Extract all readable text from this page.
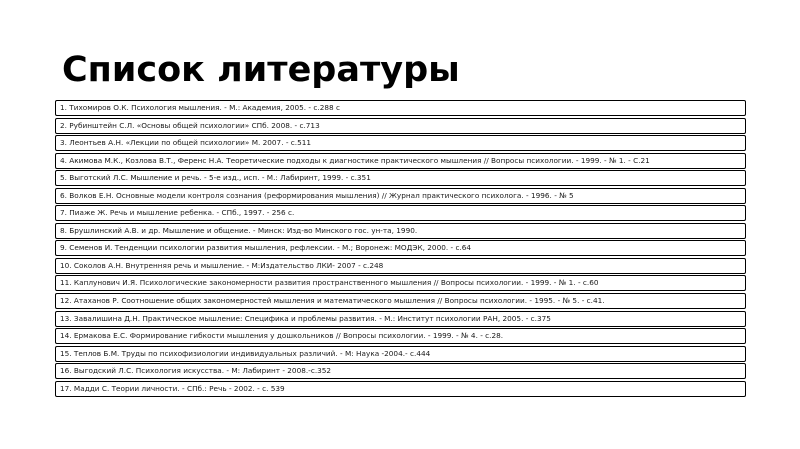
Список литературы
1. Тихомиров О.К. Психология мышления. - М.: Академия, 2005. - с.288 с
2. Рубинштейн С.Л. «Основы общей психологии» СПб. 2008. - с.713
3. Леонтьев А.Н. «Лекции по общей психологии» М. 2007. - с.511
4. Акимова М.К., Козлова В.Т., Ференс Н.А. Теоретические подходы к диагностике практического мышления // Вопросы психологии. - 1999. - № 1. - С.21
5. Выготский Л.С. Мышление и речь. - 5-е изд., исп. - М.: Лабиринт, 1999. - с.351
6. Волков Е.Н. Основные модели контроля сознания (реформирования мышления) // Журнал практического психолога. - 1996. - № 5
7. Пиаже Ж. Речь и мышление ребенка. - СПб., 1997. - 256 с.
8. Брушлинский А.В. и др. Мышление и общение. - Минск: Изд-во Минского гос. ун-та, 1990.
9. Семенов И. Тенденции психологии развития мышления, рефлексии. - М.; Воронеж: МОДЭК, 2000. - с.64
10. Соколов А.Н. Внутренняя речь и мышление. - М:Издательство ЛКИ- 2007 - с.248
11. Каплунович И.Я. Психологические закономерности развития пространственного мышления // Вопросы психологии. - 1999. - № 1. - с.60
12. Атаханов Р. Соотношение общих закономерностей мышления и математического мышления // Вопросы психологии. - 1995. - № 5. - с.41.
13. Завалишина Д.Н. Практическое мышление: Специфика и проблемы развития. - М.: Институт психологии РАН, 2005. - с.375
14. Ермакова Е.С. Формирование гибкости мышления у дошкольников // Вопросы психологии. - 1999. - № 4. - с.28.
15. Теплов Б.М. Труды по психофизиологии индивидуальных различий. - М: Наука -2004.- с.444
16. Выгодский Л.С. Психология искусства. - М: Лабиринт - 2008.-с.352
17. Мадди С. Теории личности. - СПб.: Речь - 2002. - с. 539
